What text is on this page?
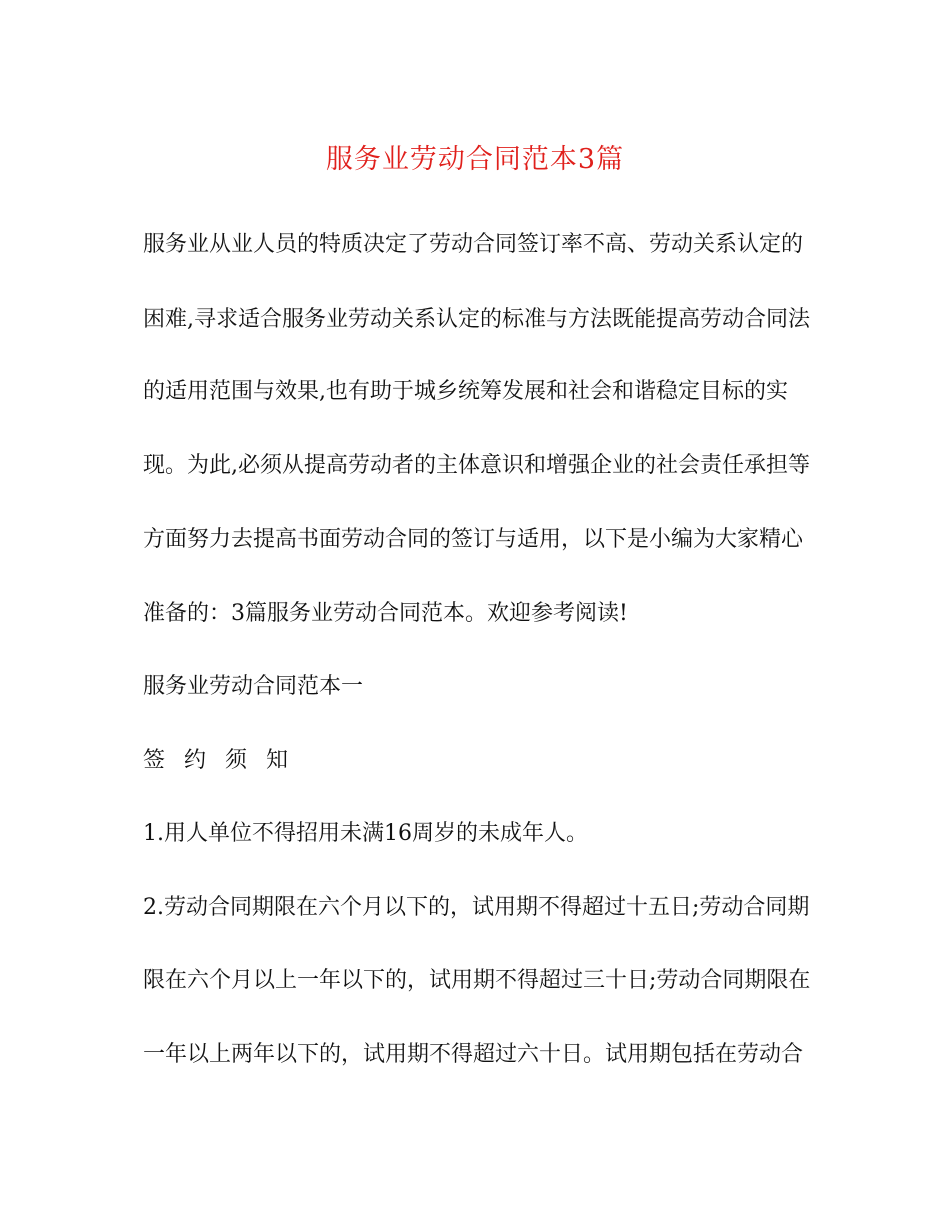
服务业劳动合同范本3篇

服务业从业人员的特质决定了劳动合同签订率不高、劳动关系认定的

困难,寻求适合服务业劳动关系认定的标准与方法既能提高劳动合同法

的适用范围与效果,也有助于城乡统筹发展和社会和谐稳定目标的实

现。为此,必须从提高劳动者的主体意识和增强企业的社会责任承担等

方面努力去提高书面劳动合同的签订与适用，以下是小编为大家精心

准备的：3篇服务业劳动合同范本。欢迎参考阅读!

服务业劳动合同范本一

签 约 须 知

1.用人单位不得招用未满16周岁的未成年人。

2.劳动合同期限在六个月以下的，试用期不得超过十五日;劳动合同期

限在六个月以上一年以下的，试用期不得超过三十日;劳动合同期限在

一年以上两年以下的，试用期不得超过六十日。试用期包括在劳动合
